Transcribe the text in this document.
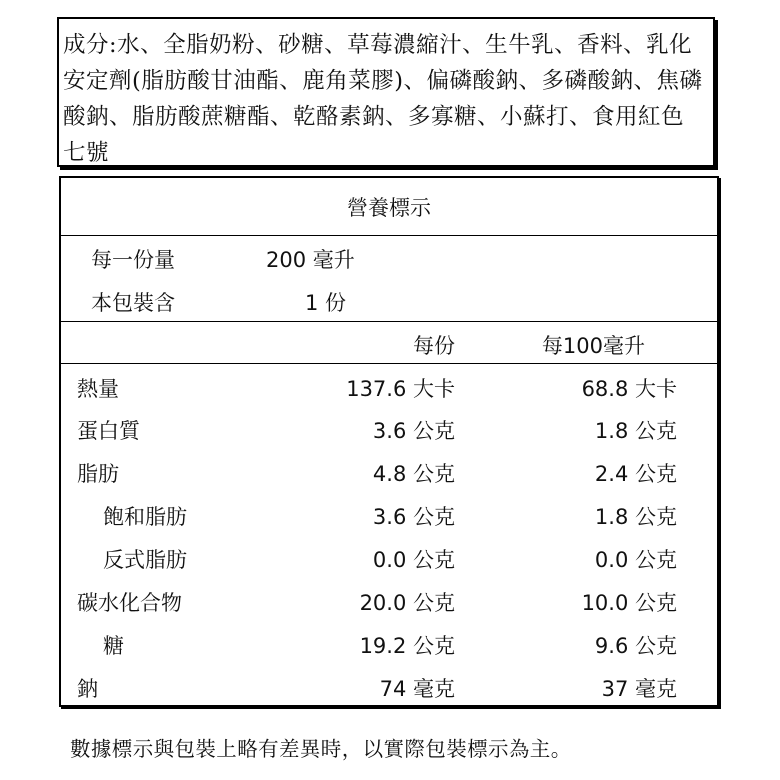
成分:水、全脂奶粉、砂糖、草莓濃縮汁、生牛乳、香料、乳化安定劑(脂肪酸甘油酯、鹿角菜膠)、偏磷酸鈉、多磷酸鈉、焦磷酸鈉、脂肪酸蔗糖酯、乾酪素鈉、多寡糖、小蘇打、食用紅色七號
營養標示
每一份量	200 毫升
本包裝含	1 份
每份	每100毫升
熱量	137.6 大卡	68.8 大卡
蛋白質	3.6 公克	1.8 公克
脂肪	4.8 公克	2.4 公克
飽和脂肪	3.6 公克	1.8 公克
反式脂肪	0.0 公克	0.0 公克
碳水化合物	20.0 公克	10.0 公克
糖	19.2 公克	9.6 公克
鈉	74 毫克	37 毫克
數據標示與包裝上略有差異時，以實際包裝標示為主。
